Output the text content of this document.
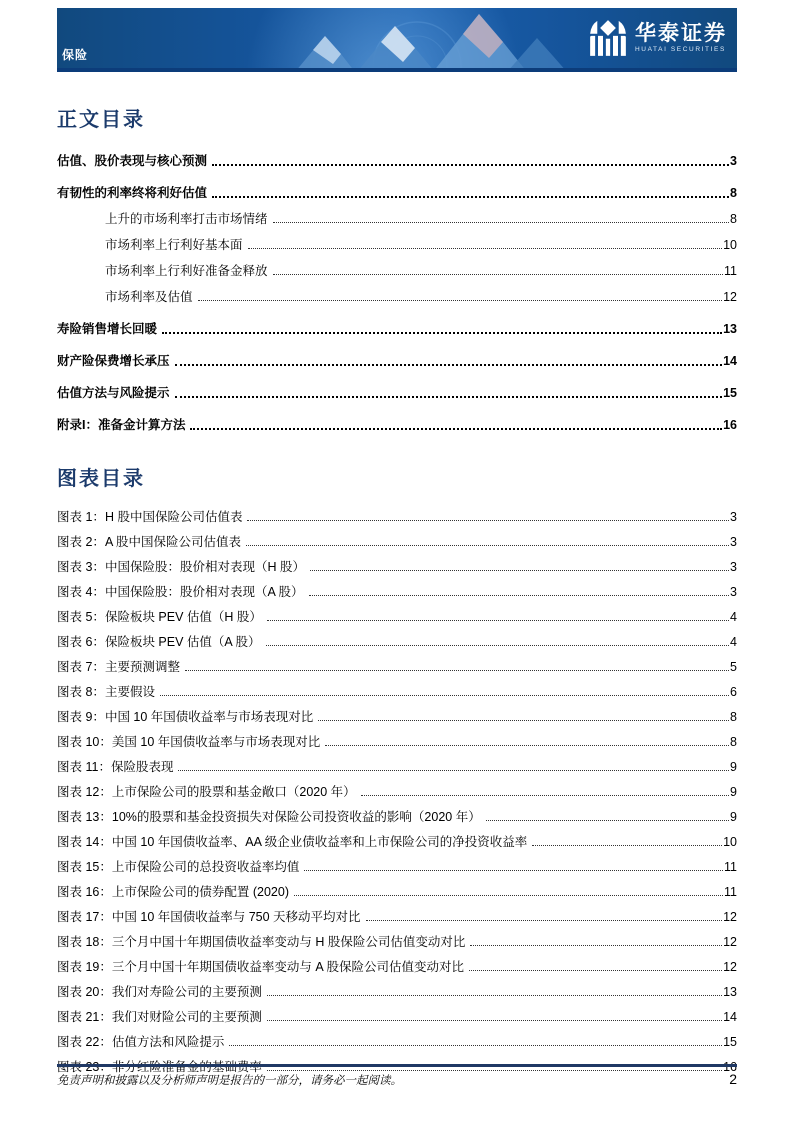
保险
华泰证券
HUATAI SECURITIES
正文目录
估值、股价表现与核心预测	3
有韧性的利率终将利好估值	8
上升的市场利率打击市场情绪	8
市场利率上行利好基本面	10
市场利率上行利好准备金释放	11
市场利率及估值	12
寿险销售增长回暖	13
财产险保费增长承压	14
估值方法与风险提示	15
附录I：准备金计算方法	16
图表目录
图表 1： H 股中国保险公司估值表	3
图表 2： A 股中国保险公司估值表	3
图表 3： 中国保险股：股价相对表现（H 股）	3
图表 4： 中国保险股：股价相对表现（A 股）	3
图表 5： 保险板块 PEV 估值（H 股）	4
图表 6： 保险板块 PEV 估值（A 股）	4
图表 7： 主要预测调整	5
图表 8： 主要假设	6
图表 9： 中国 10 年国债收益率与市场表现对比	8
图表 10： 美国 10 年国债收益率与市场表现对比	8
图表 11： 保险股表现	9
图表 12： 上市保险公司的股票和基金敞口（2020 年）	9
图表 13： 10%的股票和基金投资损失对保险公司投资收益的影响（2020 年）	9
图表 14： 中国 10 年国债收益率、AA 级企业债收益率和上市保险公司的净投资收益率	10
图表 15： 上市保险公司的总投资收益率均值	11
图表 16： 上市保险公司的债券配置 (2020)	11
图表 17： 中国 10 年国债收益率与 750 天移动平均对比	12
图表 18： 三个月中国十年期国债收益率变动与 H 股保险公司估值变动对比	12
图表 19： 三个月中国十年期国债收益率变动与 A 股保险公司估值变动对比	12
图表 20： 我们对寿险公司的主要预测	13
图表 21： 我们对财险公司的主要预测	14
图表 22： 估值方法和风险提示	15
图表 23： 非分红险准备金的基础费率	16
免责声明和披露以及分析师声明是报告的一部分，请务必一起阅读。	2
